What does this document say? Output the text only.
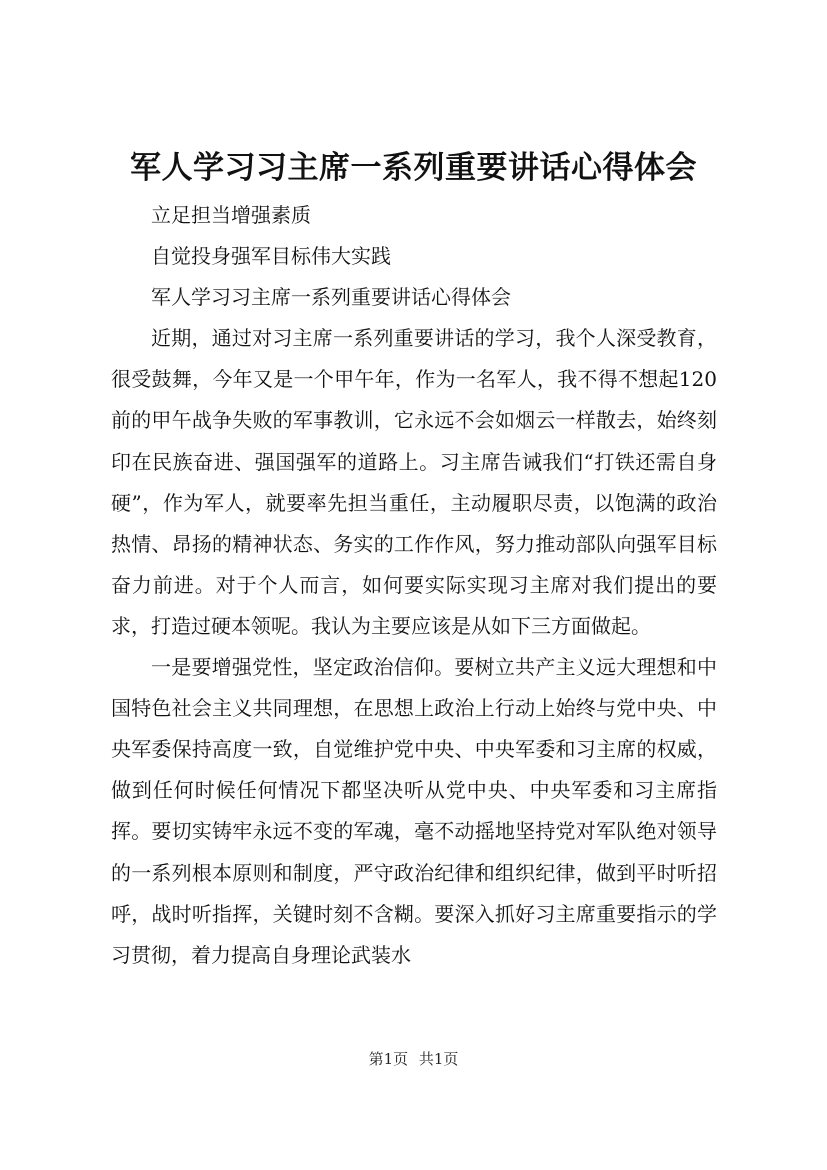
军人学习习主席一系列重要讲话心得体会

立足担当增强素质

自觉投身强军目标伟大实践

军人学习习主席一系列重要讲话心得体会

近期，通过对习主席一系列重要讲话的学习，我个人深受教育，很受鼓舞，今年又是一个甲午年，作为一名军人，我不得不想起120前的甲午战争失败的军事教训，它永远不会如烟云一样散去，始终刻印在民族奋进、强国强军的道路上。习主席告诫我们“打铁还需自身硬”，作为军人，就要率先担当重任，主动履职尽责，以饱满的政治热情、昂扬的精神状态、务实的工作作风，努力推动部队向强军目标奋力前进。对于个人而言，如何要实际实现习主席对我们提出的要求，打造过硬本领呢。我认为主要应该是从如下三方面做起。

一是要增强党性，坚定政治信仰。要树立共产主义远大理想和中国特色社会主义共同理想，在思想上政治上行动上始终与党中央、中央军委保持高度一致，自觉维护党中央、中央军委和习主席的权威，做到任何时候任何情况下都坚决听从党中央、中央军委和习主席指挥。要切实铸牢永远不变的军魂，毫不动摇地坚持党对军队绝对领导的一系列根本原则和制度，严守政治纪律和组织纪律，做到平时听招呼，战时听指挥，关键时刻不含糊。要深入抓好习主席重要指示的学习贯彻，着力提高自身理论武装水

第1页 共1页
